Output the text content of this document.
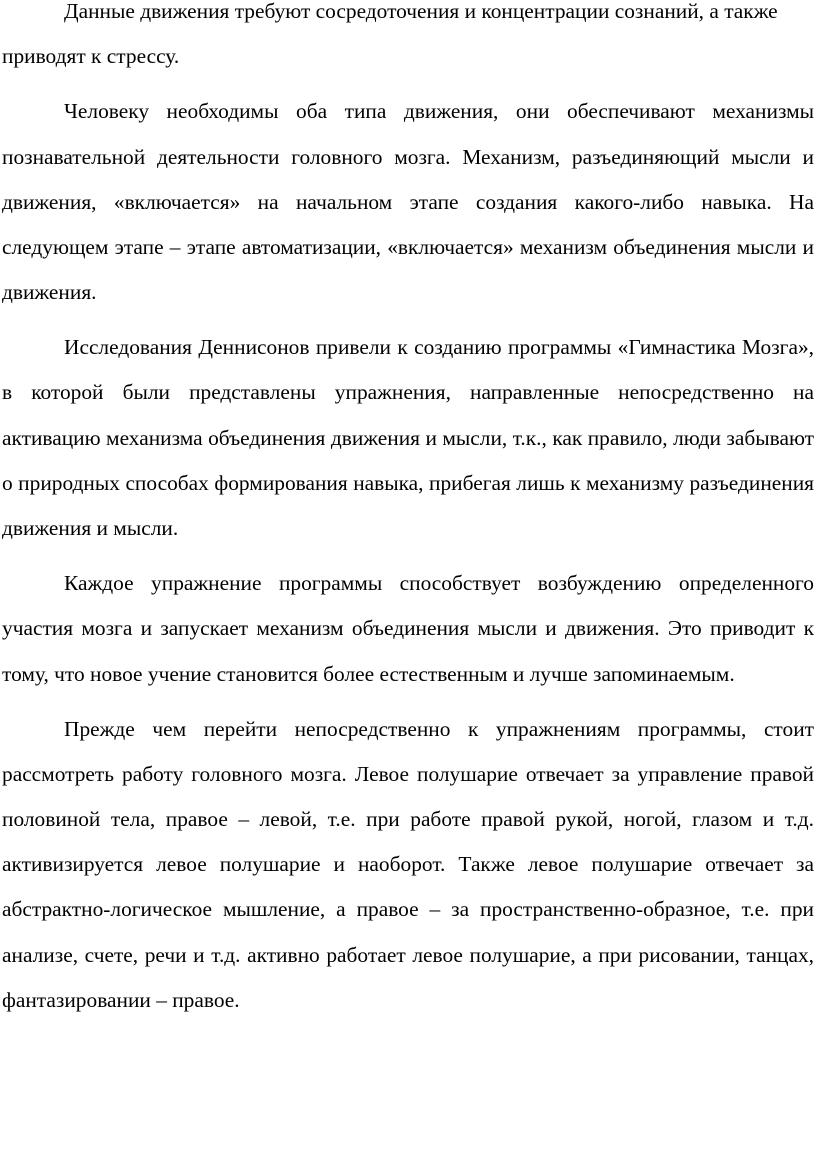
Данные движения требуют сосредоточения и концентрации сознаний, а также приводят к стрессу.

Человеку необходимы оба типа движения, они обеспечивают механизмы познавательной деятельности головного мозга. Механизм, разъединяющий мысли и движения, «включается» на начальном этапе создания какого-либо навыка. На следующем этапе – этапе автоматизации, «включается» механизм объединения мысли и движения.

Исследования Деннисонов привели к созданию программы «Гимнастика Мозга», в которой были представлены упражнения, направленные непосредственно на активацию механизма объединения движения и мысли, т.к., как правило, люди забывают о природных способах формирования навыка, прибегая лишь к механизму разъединения движения и мысли.

Каждое упражнение программы способствует возбуждению определенного участия мозга и запускает механизм объединения мысли и движения. Это приводит к тому, что новое учение становится более естественным и лучше запоминаемым.

Прежде чем перейти непосредственно к упражнениям программы, стоит рассмотреть работу головного мозга. Левое полушарие отвечает за управление правой половиной тела, правое – левой, т.е. при работе правой рукой, ногой, глазом и т.д. активизируется левое полушарие и наоборот. Также левое полушарие отвечает за абстрактно-логическое мышление, а правое – за пространственно-образное, т.е. при анализе, счете, речи и т.д. активно работает левое полушарие, а при рисовании, танцах, фантазировании – правое.
